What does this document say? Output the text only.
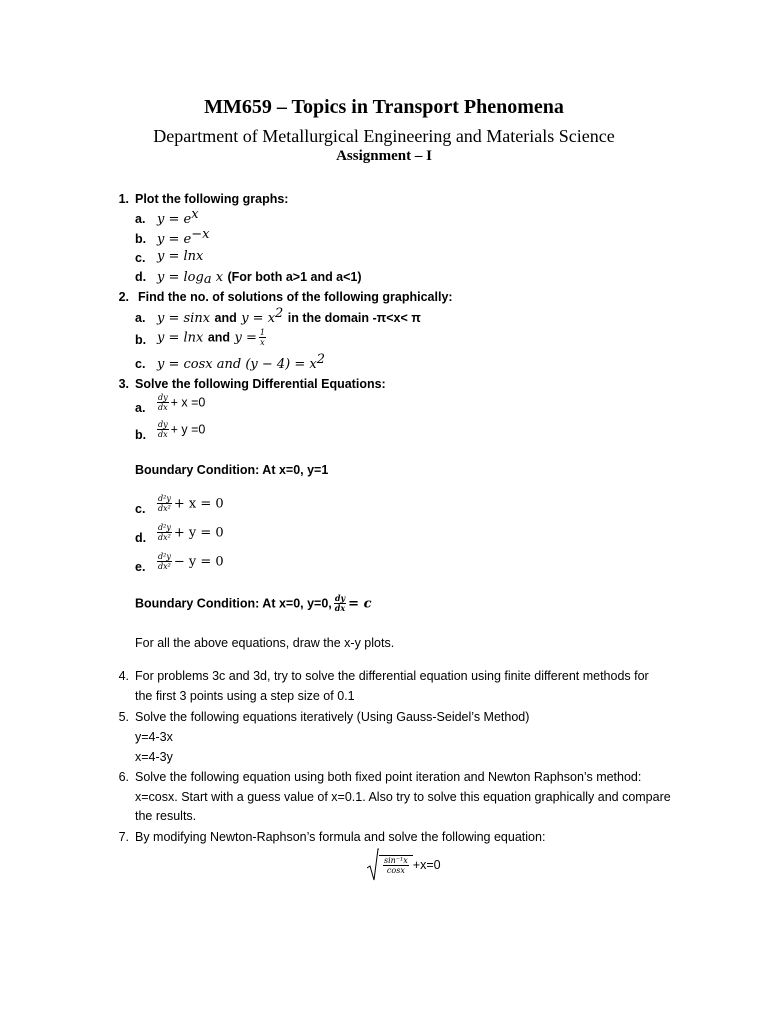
MM659 – Topics in Transport Phenomena
Department of Metallurgical Engineering and Materials Science
Assignment – I
1. Plot the following graphs:
a. $y = e^x$
b. $y = e^{-x}$
c. y = lnx
d. $y = \log_a x$ (For both a>1 and a<1)
2. Find the no. of solutions of the following graphically:
a. y = sinx and $y = x^2$ in the domain -π<x< π
b. y = lnx and $y = \frac{1}{x}$
c. y = cosx and $(y - 4) = x^2$
3. Solve the following Differential Equations:
a. $\frac{dy}{dx} + x =0$
b. $\frac{dy}{dx} + y =0$
Boundary Condition: At x=0, y=1
c. $\frac{\text{d²y}}{\text{dx²}} + x = 0$
d. $\frac{\text{d²y}}{\text{dx²}} + y = 0$
e. $\frac{\text{d²y}}{\text{dx²}} - y = 0$
Boundary Condition: At x=0, y=0, $\frac{dy}{dx} = c$
For all the above equations, draw the x-y plots.
4. For problems 3c and 3d, try to solve the differential equation using finite different methods for
the first 3 points using a step size of 0.1
5. Solve the following equations iteratively (Using Gauss-Seidel’s Method)
y=4-3x
x=4-3y
6. Solve the following equation using both fixed point iteration and Newton Raphson’s method:
x=cosx. Start with a guess value of x=0.1. Also try to solve this equation graphically and compare
the results.
7. By modifying Newton-Raphson’s formula and solve the following equation:
$\frac{\text{sin⁻¹x}}{\cos x} +x=0$
